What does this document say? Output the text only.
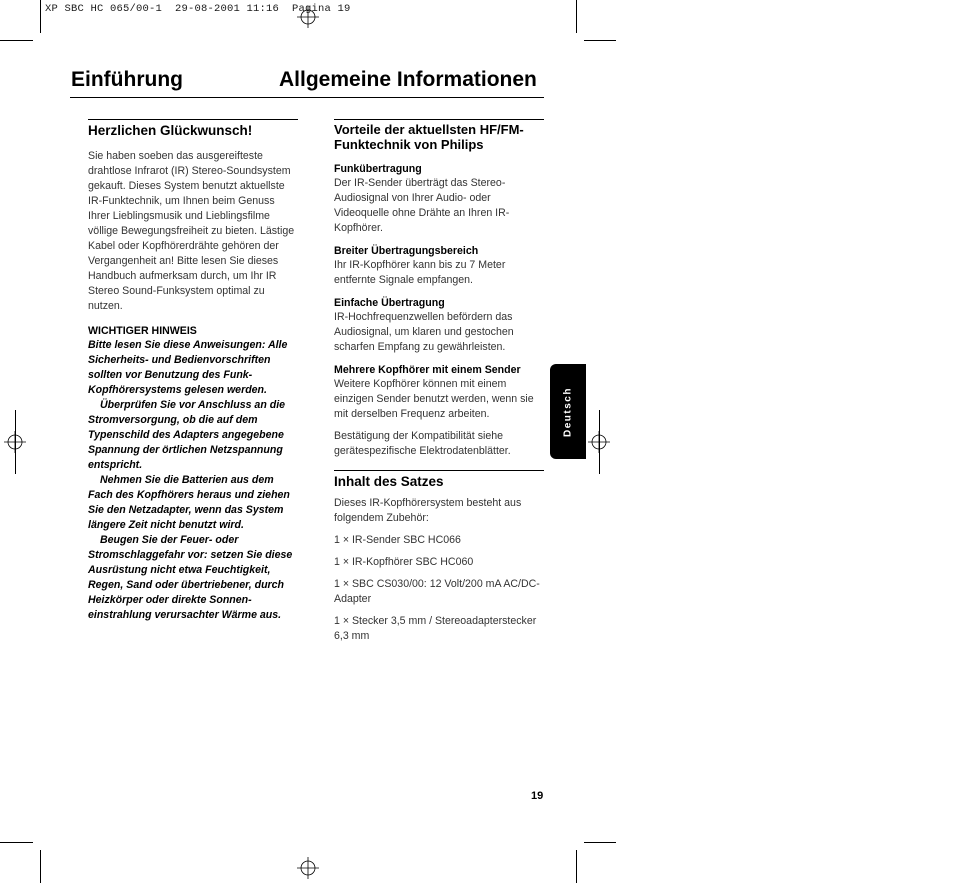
XP SBC HC 065/00-1  29-08-2001 11:16  Pagina 19
Einführung	Allgemeine Informationen
Herzlichen Glückwunsch!

Sie haben soeben das ausgereifteste drahtlose Infrarot (IR) Stereo-Soundsystem gekauft. Dieses System benutzt aktuellste IR-Funktechnik, um Ihnen beim Genuss Ihrer Lieblingsmusik und Lieblingsfilme völlige Bewegungsfreiheit zu bieten. Lästige Kabel oder Kopfhörerdrähte gehören der Vergangenheit an! Bitte lesen Sie dieses Handbuch aufmerksam durch, um Ihr IR Stereo Sound-Funksystem optimal zu nutzen.

WICHTIGER HINWEIS

Bitte lesen Sie diese Anweisungen: Alle Sicherheits- und Bedienvorschriften sollten vor Benutzung des Funk-Kopfhörersystems gelesen werden.

Überprüfen Sie vor Anschluss an die Stromversorgung, ob die auf dem Typenschild des Adapters angegebene Spannung der örtlichen Netzspannung entspricht.

Nehmen Sie die Batterien aus dem Fach des Kopfhörers heraus und ziehen Sie den Netzadapter, wenn das System längere Zeit nicht benutzt wird.

Beugen Sie der Feuer- oder Stromschlaggefahr vor: setzen Sie diese Ausrüstung nicht etwa Feuchtigkeit, Regen, Sand oder übertriebener, durch Heizkörper oder direkte Sonnen-einstrahlung verursachter Wärme aus.

Vorteile der aktuellsten HF/FM-Funktechnik von Philips

Funkübertragung

Der IR-Sender überträgt das Stereo-Audiosignal von Ihrer Audio- oder Videoquelle ohne Drähte an Ihren IR-Kopfhörer.

Breiter Übertragungsbereich

Ihr IR-Kopfhörer kann bis zu 7 Meter entfernte Signale empfangen.

Einfache Übertragung

IR-Hochfrequenzwellen befördern das Audiosignal, um klaren und gestochen scharfen Empfang zu gewährleisten.

Mehrere Kopfhörer mit einem Sender

Weitere Kopfhörer können mit einem einzigen Sender benutzt werden, wenn sie mit derselben Frequenz arbeiten.

Bestätigung der Kompatibilität siehe gerätespezifische Elektrodatenblätter.

Inhalt des Satzes

Dieses IR-Kopfhörersystem besteht aus folgendem Zubehör:

1 × IR-Sender SBC HC066

1 × IR-Kopfhörer SBC HC060

1 × SBC CS030/00: 12 Volt/200 mA AC/DC-Adapter

1 × Stecker 3,5 mm / Stereoadapterstecker 6,3 mm

Deutsch
19
